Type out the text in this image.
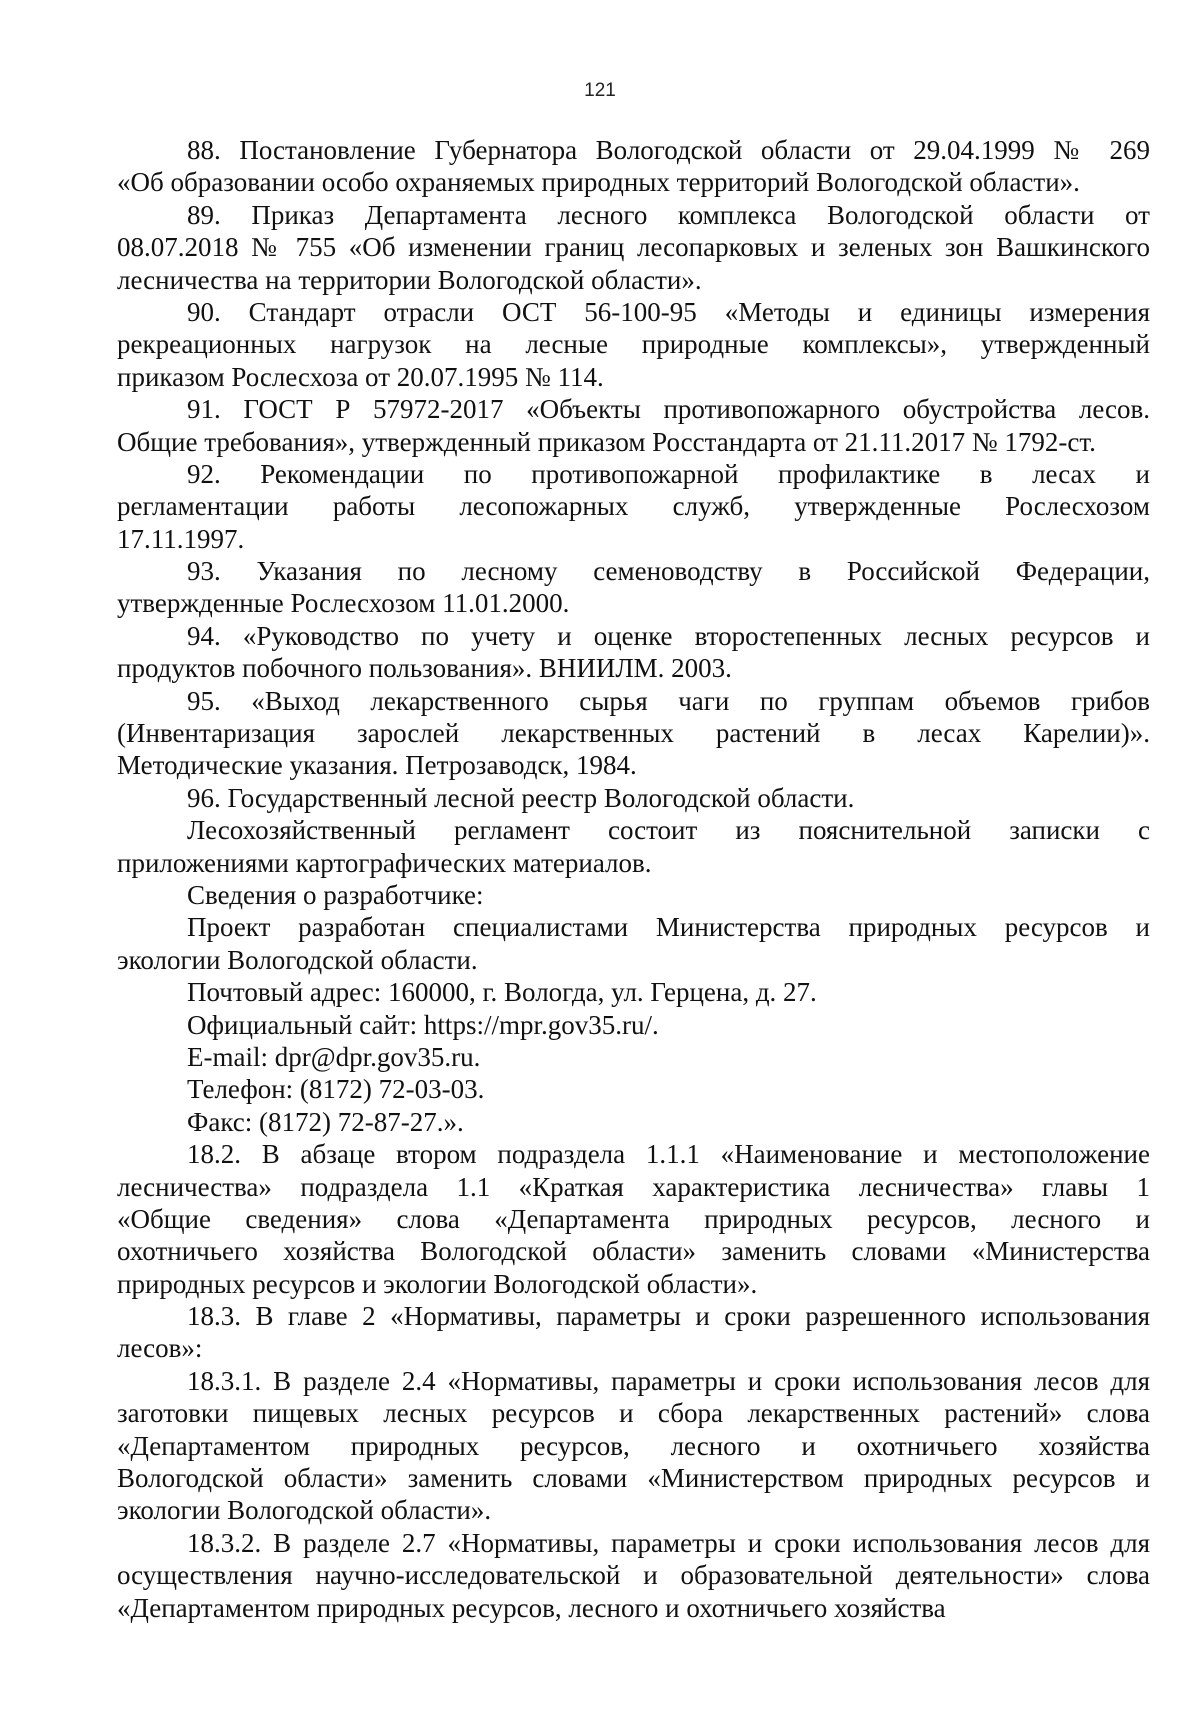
121
88. Постановление Губернатора Вологодской области от 29.04.1999 № 269
«Об образовании особо охраняемых природных территорий Вологодской области».
89. Приказ Департамента лесного комплекса Вологодской области от
08.07.2018 № 755 «Об изменении границ лесопарковых и зеленых зон Вашкинского
лесничества на территории Вологодской области».
90. Стандарт отрасли ОСТ 56-100-95 «Методы и единицы измерения
рекреационных нагрузок на лесные природные комплексы», утвержденный
приказом Рослесхоза от 20.07.1995 № 114.
91. ГОСТ Р 57972-2017 «Объекты противопожарного обустройства лесов.
Общие требования», утвержденный приказом Росстандарта от 21.11.2017 № 1792-ст.
92. Рекомендации по противопожарной профилактике в лесах и
регламентации работы лесопожарных служб, утвержденные Рослесхозом
17.11.1997.
93. Указания по лесному семеноводству в Российской Федерации,
утвержденные Рослесхозом 11.01.2000.
94. «Руководство по учету и оценке второстепенных лесных ресурсов и
продуктов побочного пользования». ВНИИЛМ. 2003.
95. «Выход лекарственного сырья чаги по группам объемов грибов
(Инвентаризация зарослей лекарственных растений в лесах Карелии)».
Методические указания. Петрозаводск, 1984.
96. Государственный лесной реестр Вологодской области.
Лесохозяйственный регламент состоит из пояснительной записки с
приложениями картографических материалов.
Сведения о разработчике:
Проект разработан специалистами Министерства природных ресурсов и
экологии Вологодской области.
Почтовый адрес: 160000, г. Вологда, ул. Герцена, д. 27.
Официальный сайт: https://mpr.gov35.ru/.
E-mail: dpr@dpr.gov35.ru.
Телефон: (8172) 72-03-03.
Факс: (8172) 72-87-27.».
18.2. В абзаце втором подраздела 1.1.1 «Наименование и местоположение
лесничества» подраздела 1.1 «Краткая характеристика лесничества» главы 1
«Общие сведения» слова «Департамента природных ресурсов, лесного и
охотничьего хозяйства Вологодской области» заменить словами «Министерства
природных ресурсов и экологии Вологодской области».
18.3. В главе 2 «Нормативы, параметры и сроки разрешенного использования
лесов»:
18.3.1. В разделе 2.4 «Нормативы, параметры и сроки использования лесов для
заготовки пищевых лесных ресурсов и сбора лекарственных растений» слова
«Департаментом природных ресурсов, лесного и охотничьего хозяйства
Вологодской области» заменить словами «Министерством природных ресурсов и
экологии Вологодской области».
18.3.2. В разделе 2.7 «Нормативы, параметры и сроки использования лесов для
осуществления научно-исследовательской и образовательной деятельности» слова
«Департаментом природных ресурсов, лесного и охотничьего хозяйства
